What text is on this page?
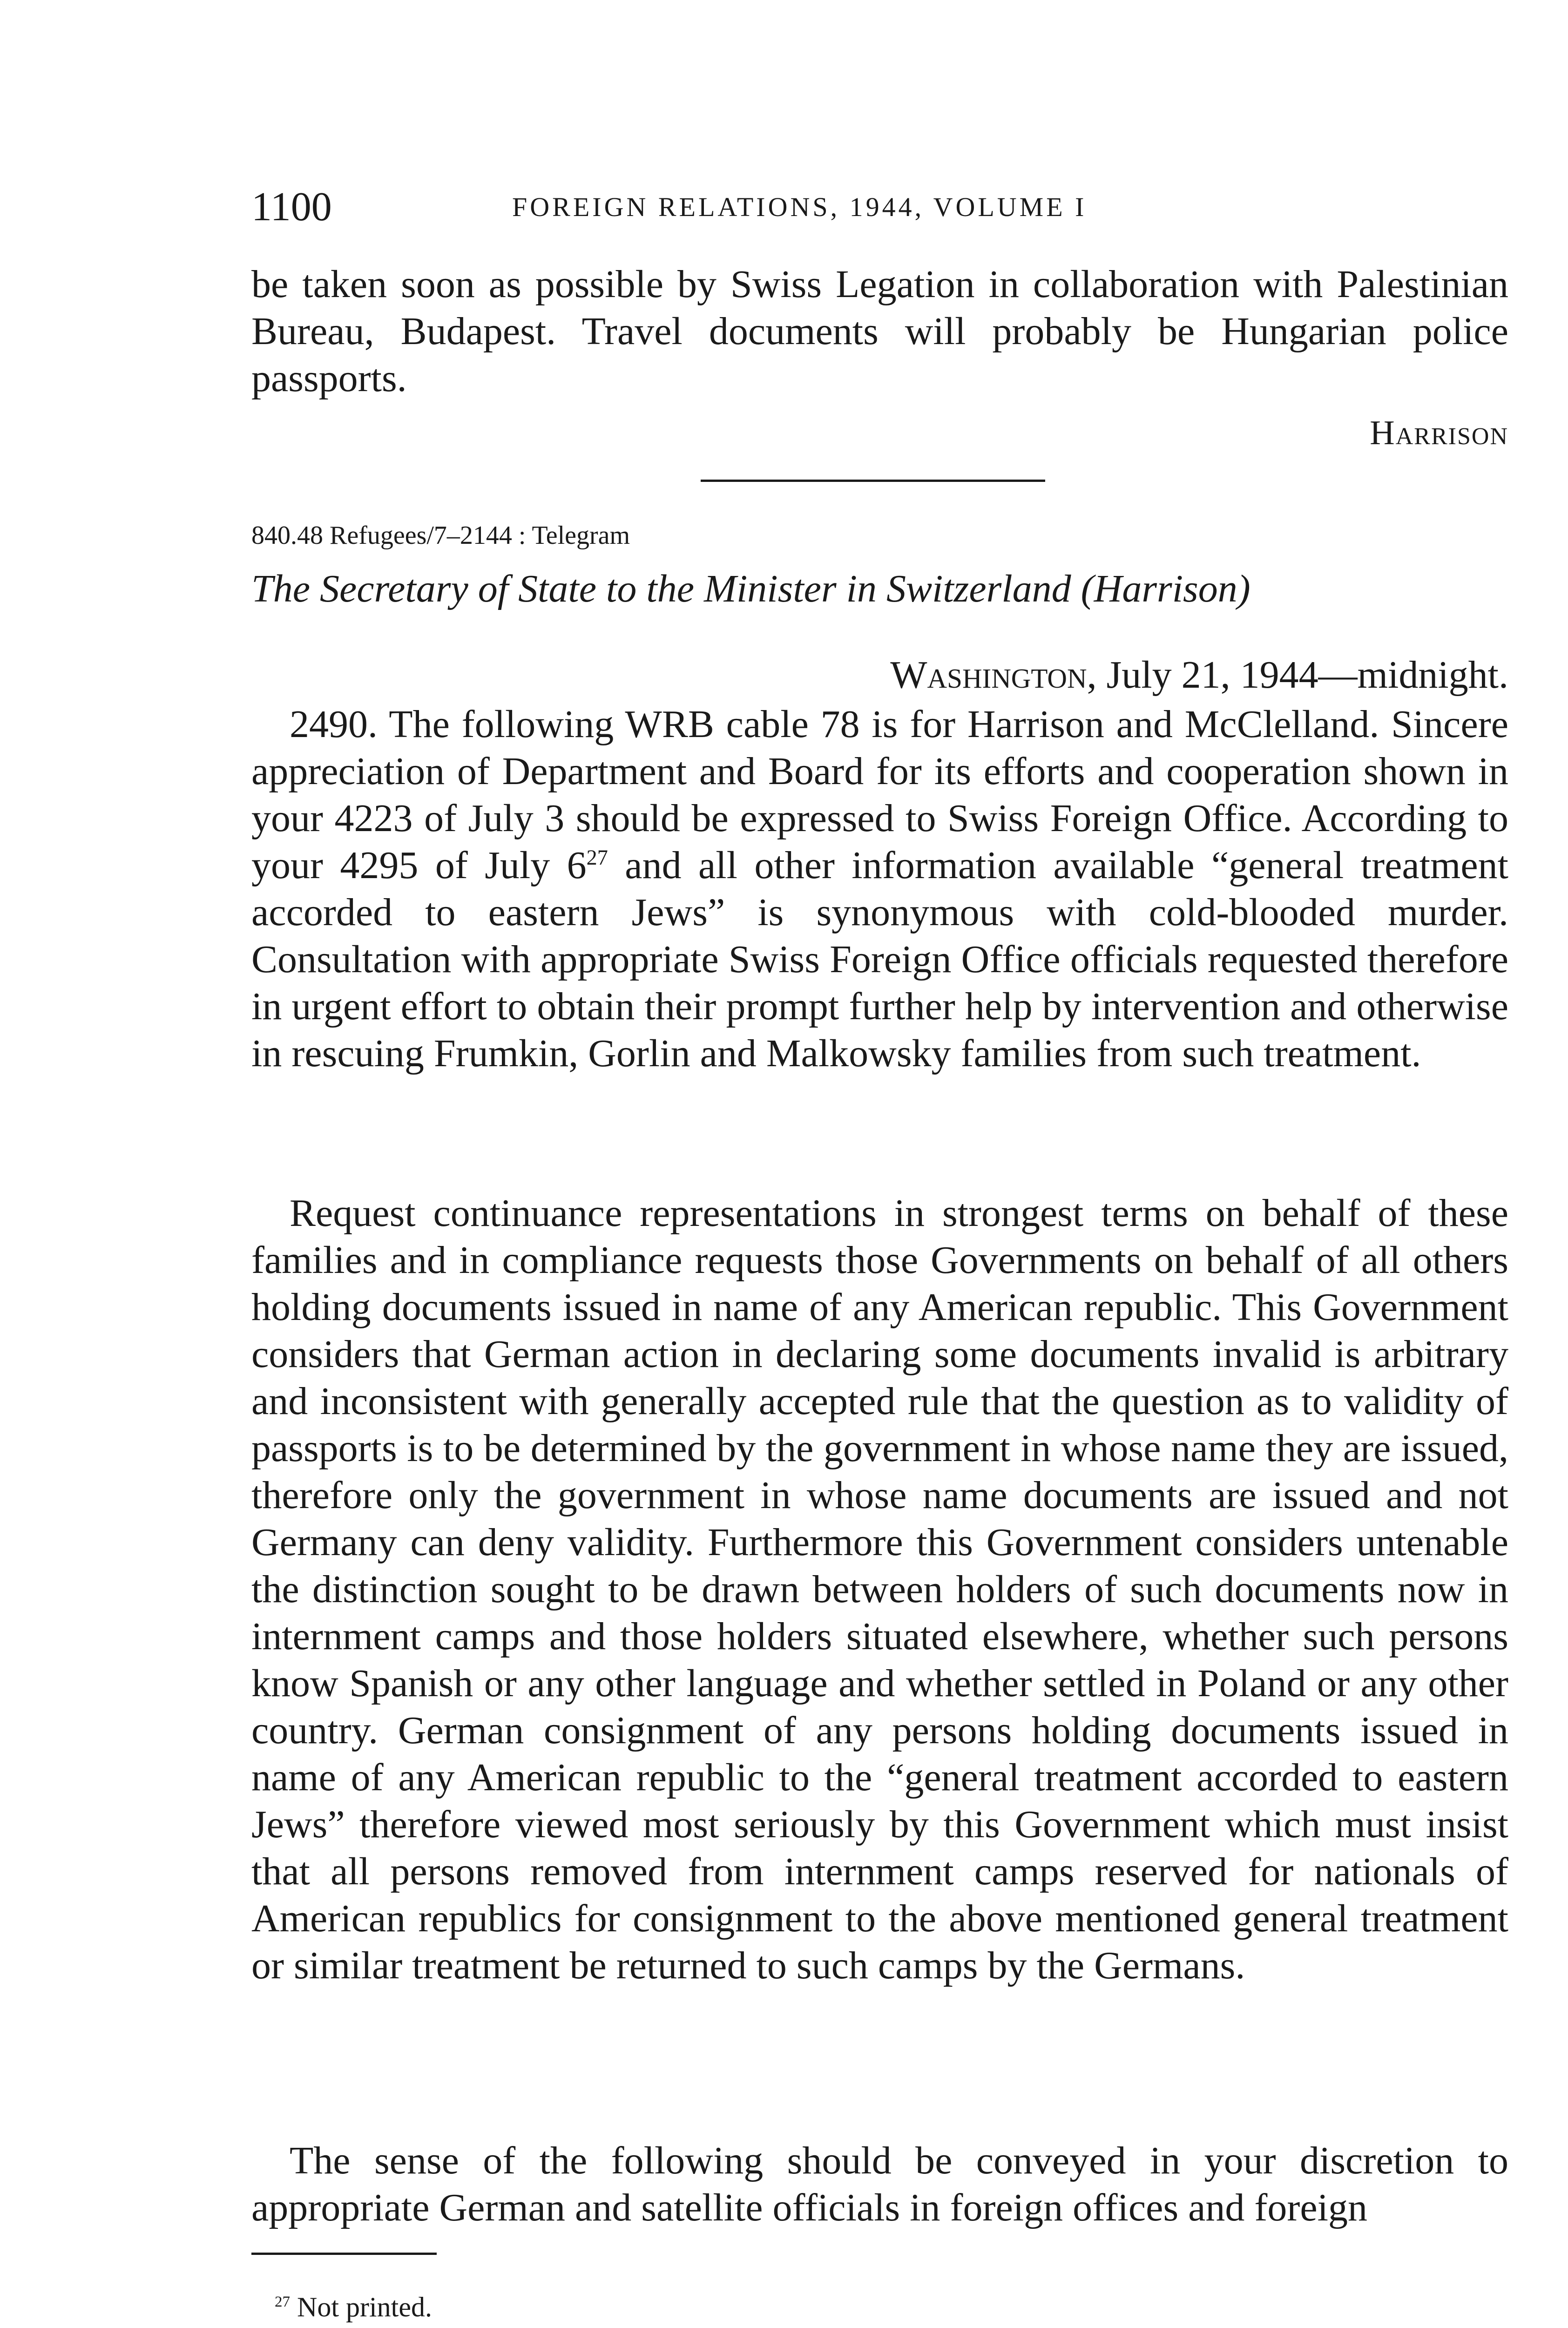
1100	FOREIGN RELATIONS, 1944, VOLUME I

be taken soon as possible by Swiss Legation in collaboration with Palestinian Bureau, Budapest. Travel documents will probably be Hungarian police passports.

Harrison
840.48 Refugees/7–2144 : Telegram
The Secretary of State to the Minister in Switzerland (Harrison)
Washington, July 21, 1944—midnight.

2490. The following WRB cable 78 is for Harrison and McClelland. Sincere appreciation of Department and Board for its efforts and cooperation shown in your 4223 of July 3 should be expressed to Swiss Foreign Office. According to your 4295 of July $6^{27}$ and all other information available “general treatment accorded to eastern Jews” is synonymous with cold-blooded murder. Consultation with appropriate Swiss Foreign Office officials requested therefore in urgent effort to obtain their prompt further help by intervention and otherwise in rescuing Frumkin, Gorlin and Malkowsky families from such treatment.

Request continuance representations in strongest terms on behalf of these families and in compliance requests those Governments on behalf of all others holding documents issued in name of any American republic. This Government considers that German action in declaring some documents invalid is arbitrary and inconsistent with generally accepted rule that the question as to validity of passports is to be determined by the government in whose name they are issued, therefore only the government in whose name documents are issued and not Germany can deny validity. Furthermore this Government considers untenable the distinction sought to be drawn between holders of such documents now in internment camps and those holders situated elsewhere, whether such persons know Spanish or any other language and whether settled in Poland or any other country. German consignment of any persons holding documents issued in name of any American republic to the “general treatment accorded to eastern Jews” therefore viewed most seriously by this Government which must insist that all persons removed from internment camps reserved for nationals of American republics for consignment to the above mentioned general treatment or similar treatment be returned to such camps by the Germans.

The sense of the following should be conveyed in your discretion to appropriate German and satellite officials in foreign offices and foreign

$^{27}$ Not printed.
